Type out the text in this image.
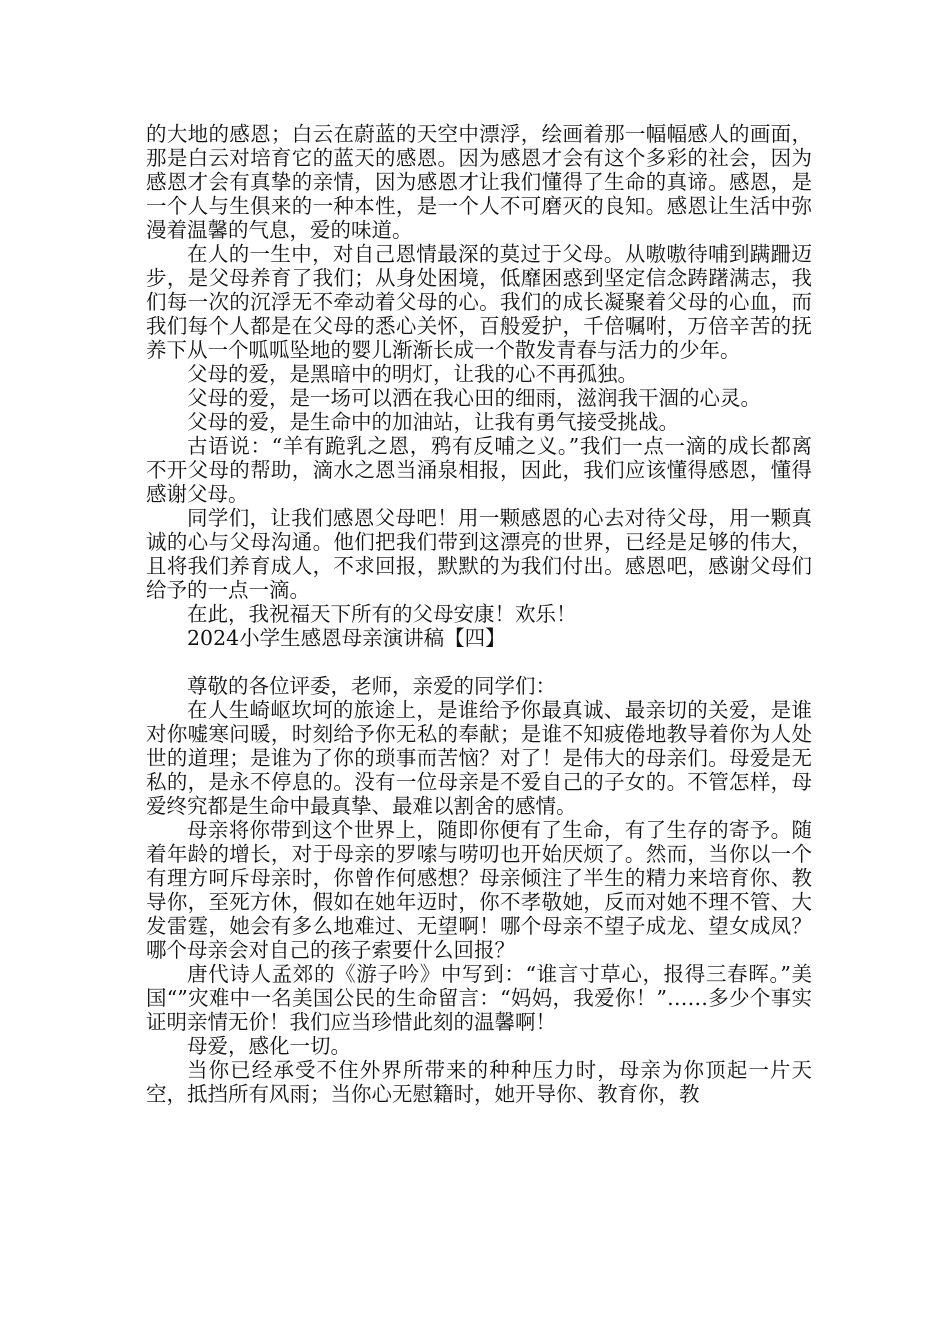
的大地的感恩；白云在蔚蓝的天空中漂浮，绘画着那一幅幅感人的画面，那是白云对培育它的蓝天的感恩。因为感恩才会有这个多彩的社会，因为感恩才会有真挚的亲情，因为感恩才让我们懂得了生命的真谛。感恩，是一个人与生俱来的一种本性，是一个人不可磨灭的良知。感恩让生活中弥漫着温馨的气息，爱的味道。

在人的一生中，对自己恩情最深的莫过于父母。从嗷嗷待哺到蹒跚迈步，是父母养育了我们；从身处困境，低靡困惑到坚定信念踌躇满志，我们每一次的沉浮无不牵动着父母的心。我们的成长凝聚着父母的心血，而我们每个人都是在父母的悉心关怀，百般爱护，千倍嘱咐，万倍辛苦的抚养下从一个呱呱坠地的婴儿渐渐长成一个散发青春与活力的少年。

父母的爱，是黑暗中的明灯，让我的心不再孤独。

父母的爱，是一场可以洒在我心田的细雨，滋润我干涸的心灵。

父母的爱，是生命中的加油站，让我有勇气接受挑战。

古语说：“羊有跪乳之恩，鸦有反哺之义。”我们一点一滴的成长都离不开父母的帮助，滴水之恩当涌泉相报，因此，我们应该懂得感恩，懂得感谢父母。

同学们，让我们感恩父母吧！用一颗感恩的心去对待父母，用一颗真诚的心与父母沟通。他们把我们带到这漂亮的世界，已经是足够的伟大，且将我们养育成人，不求回报，默默的为我们付出。感恩吧，感谢父母们给予的一点一滴。

在此，我祝福天下所有的父母安康！欢乐！

2024小学生感恩母亲演讲稿【四】

尊敬的各位评委，老师，亲爱的同学们：

在人生崎岖坎坷的旅途上，是谁给予你最真诚、最亲切的关爱，是谁对你嘘寒问暖，时刻给予你无私的奉献；是谁不知疲倦地教导着你为人处世的道理；是谁为了你的琐事而苦恼？对了！是伟大的母亲们。母爱是无私的，是永不停息的。没有一位母亲是不爱自己的子女的。不管怎样，母爱终究都是生命中最真挚、最难以割舍的感情。

母亲将你带到这个世界上，随即你便有了生命，有了生存的寄予。随着年龄的增长，对于母亲的罗嗦与唠叨也开始厌烦了。然而，当你以一个有理方呵斥母亲时，你曾作何感想？母亲倾注了半生的精力来培育你、教导你，至死方休，假如在她年迈时，你不孝敬她，反而对她不理不管、大发雷霆，她会有多么地难过、无望啊！哪个母亲不望子成龙、望女成凤？哪个母亲会对自己的孩子索要什么回报？

唐代诗人孟郊的《游子吟》中写到：“谁言寸草心，报得三春晖。”美国“”灾难中一名美国公民的生命留言：“妈妈，我爱你！”……多少个事实证明亲情无价！我们应当珍惜此刻的温馨啊！

母爱，感化一切。

当你已经承受不住外界所带来的种种压力时，母亲为你顶起一片天空，抵挡所有风雨；当你心无慰籍时，她开导你、教育你，教
